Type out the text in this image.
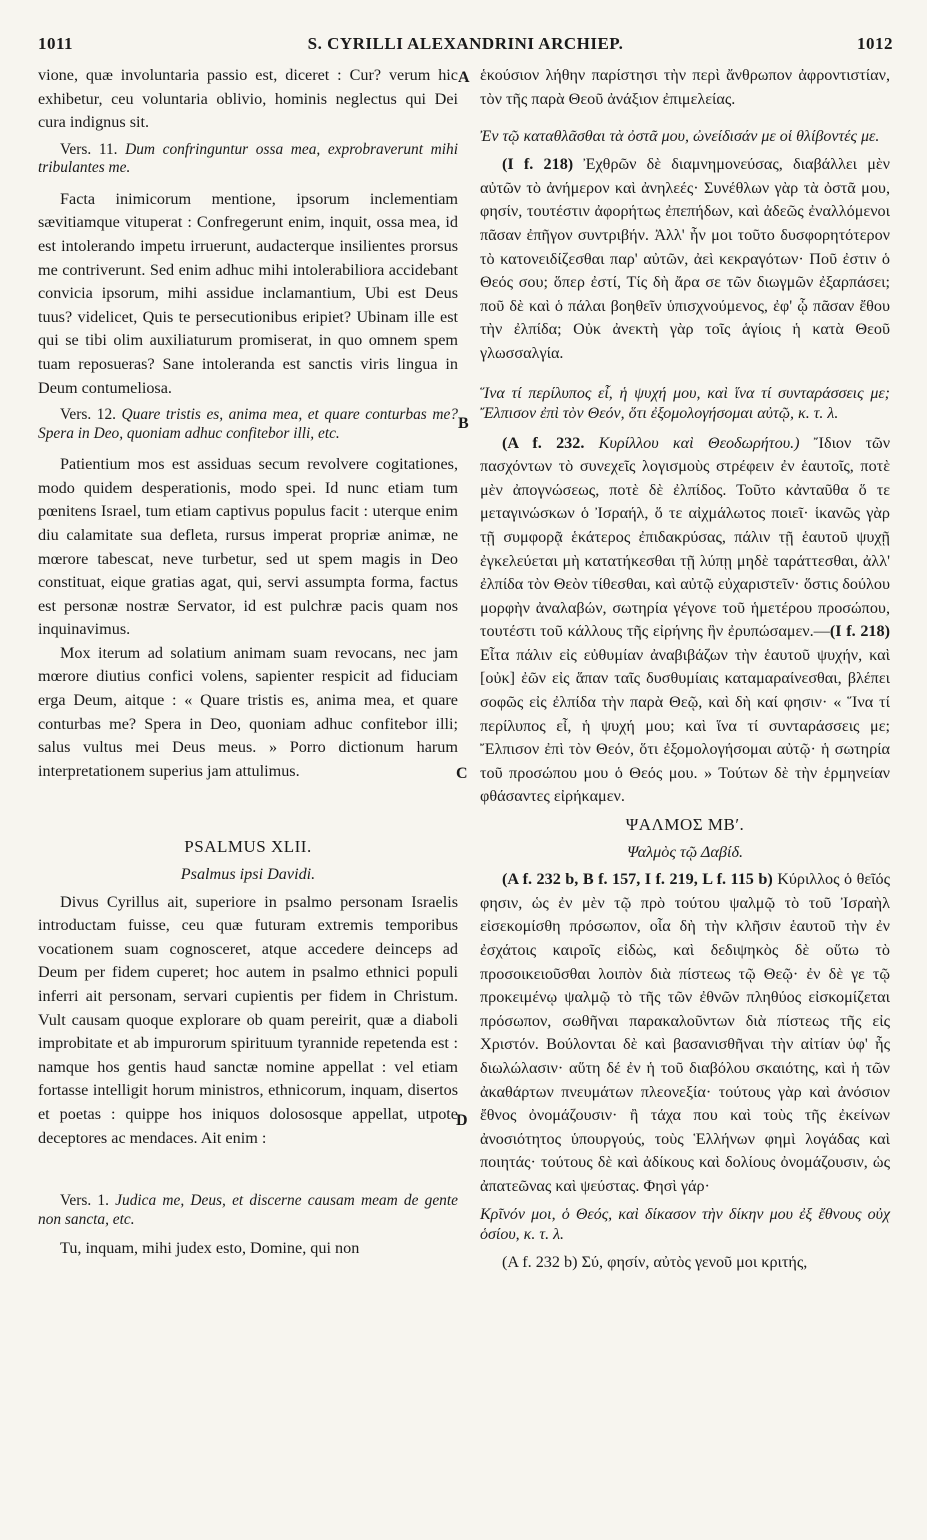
1011	S. CYRILLI ALEXANDRINI ARCHIEP.	1012
A
B
C
D

vione, quæ involuntaria passio est, diceret : Cur? verum hic exhibetur, ceu voluntaria oblivio, hominis neglectus qui Dei cura indignus sit.

Vers. 11. Dum confringuntur ossa mea, exprobraverunt mihi tribulantes me.

Facta inimicorum mentione, ipsorum inclementiam sævitiamque vituperat : Confregerunt enim, inquit, ossa mea, id est intolerando impetu irruerunt, audacterque insilientes prorsus me contriverunt. Sed enim adhuc mihi intolerabiliora accidebant convicia ipsorum, mihi assidue inclamantium, Ubi est Deus tuus? videlicet, Quis te persecutionibus eripiet? Ubinam ille est qui se tibi olim auxiliaturum promiserat, in quo omnem spem tuam reposueras? Sane intoleranda est sanctis viris lingua in Deum contumeliosa.

Vers. 12. Quare tristis es, anima mea, et quare conturbas me? Spera in Deo, quoniam adhuc confitebor illi, etc.

Patientium mos est assiduas secum revolvere cogitationes, modo quidem desperationis, modo spei. Id nunc etiam tum pœnitens Israel, tum etiam captivus populus facit : uterque enim diu calamitate sua defleta, rursus imperat propriæ animæ, ne mœrore tabescat, neve turbetur, sed ut spem magis in Deo constituat, eique gratias agat, qui, servi assumpta forma, factus est personæ nostræ Servator, id est pulchræ pacis quam nos inquinavimus.

Mox iterum ad solatium animam suam revocans, nec jam mœrore diutius confici volens, sapienter respicit ad fiduciam erga Deum, aitque : « Quare tristis es, anima mea, et quare conturbas me? Spera in Deo, quoniam adhuc confitebor illi; salus vultus mei Deus meus. » Porro dictionum harum interpretationem superius jam attulimus.

PSALMUS XLII.

Psalmus ipsi Davidi.

Divus Cyrillus ait, superiore in psalmo personam Israelis introductam fuisse, ceu quæ futuram extremis temporibus vocationem suam cognosceret, atque accedere deinceps ad Deum per fidem cuperet; hoc autem in psalmo ethnici populi inferri ait personam, servari cupientis per fidem in Christum. Vult causam quoque explorare ob quam pereirit, quæ a diaboli improbitate et ab impurorum spirituum tyrannide repetenda est : namque hos gentis haud sanctæ nomine appellat : vel etiam fortasse intelligit horum ministros, ethnicorum, inquam, disertos et poetas : quippe hos iniquos dolososque appellat, utpote deceptores ac mendaces. Ait enim :

Vers. 1. Judica me, Deus, et discerne causam meam de gente non sancta, etc.

Tu, inquam, mihi judex esto, Domine, qui non

ἑκούσιον λήθην παρίστησι τὴν περὶ ἄνθρωπον ἀφροντιστίαν, τὸν τῆς παρὰ Θεοῦ ἀνάξιον ἐπιμελείας.

Ἐν τῷ καταθλᾶσθαι τὰ ὀστᾶ μου, ὠνείδισάν με οἱ θλίβοντές με.

(I f. 218) Ἐχθρῶν δὲ διαμνημονεύσας, διαβάλλει μὲν αὐτῶν τὸ ἀνήμερον καὶ ἀνηλεές· Συνέθλων γὰρ τὰ ὀστᾶ μου, φησίν, τουτέστιν ἀφορήτως ἐπεπήδων, καὶ ἀδεῶς ἐναλλόμενοι πᾶσαν ἐπῆγον συντριβήν. Ἀλλ' ἦν μοι τοῦτο δυσφορητότερον τὸ κατονειδίζεσθαι παρ' αὐτῶν, ἀεὶ κεκραγότων· Ποῦ ἐστιν ὁ Θεός σου; ὅπερ ἐστί, Τίς δὴ ἄρα σε τῶν διωγμῶν ἐξαρπάσει; ποῦ δὲ καὶ ὁ πάλαι βοηθεῖν ὑπισχνούμενος, ἐφ' ᾧ πᾶσαν ἔθου τὴν ἐλπίδα; Οὐκ ἀνεκτὴ γὰρ τοῖς ἁγίοις ἡ κατὰ Θεοῦ γλωσσαλγία.

Ἵνα τί περίλυπος εἶ, ἡ ψυχή μου, καὶ ἵνα τί συνταράσσεις με; Ἔλπισον ἐπὶ τὸν Θεόν, ὅτι ἐξομολογήσομαι αὐτῷ, κ. τ. λ.

(A f. 232. Κυρίλλου καὶ Θεοδωρήτου.) Ἴδιον τῶν πασχόντων τὸ συνεχεῖς λογισμοὺς στρέφειν ἐν ἑαυτοῖς, ποτὲ μὲν ἀπογνώσεως, ποτὲ δὲ ἐλπίδος. Τοῦτο κἀνταῦθα ὅ τε μεταγινώσκων ὁ Ἰσραήλ, ὅ τε αἰχμάλωτος ποιεῖ· ἱκανῶς γὰρ τῇ συμφορᾷ ἑκάτερος ἐπιδακρύσας, πάλιν τῇ ἑαυτοῦ ψυχῇ ἐγκελεύεται μὴ κατατήκεσθαι τῇ λύπῃ μηδὲ ταράττεσθαι, ἀλλ' ἐλπίδα τὸν Θεὸν τίθεσθαι, καὶ αὐτῷ εὐχαριστεῖν· ὅστις δούλου μορφὴν ἀναλαβών, σωτηρία γέγονε τοῦ ἡμετέρου προσώπου, τουτέστι τοῦ κάλλους τῆς εἰρήνης ἣν ἐρυπώσαμεν.—(I f. 218) Εἶτα πάλιν εἰς εὐθυμίαν ἀναβιβάζων τὴν ἑαυτοῦ ψυχήν, καὶ [οὐκ] ἐῶν εἰς ἅπαν ταῖς δυσθυμίαις καταμαραίνεσθαι, βλέπει σοφῶς εἰς ἐλπίδα τὴν παρὰ Θεῷ, καὶ δὴ καί φησιν· « Ἵνα τί περίλυπος εἶ, ἡ ψυχή μου; καὶ ἵνα τί συνταράσσεις με; Ἔλπισον ἐπὶ τὸν Θεόν, ὅτι ἐξομολογήσομαι αὐτῷ· ἡ σωτηρία τοῦ προσώπου μου ὁ Θεός μου. » Τούτων δὲ τὴν ἑρμηνείαν φθάσαντες εἰρήκαμεν.

ΨΑΛΜΟΣ ΜΒʹ.

Ψαλμὸς τῷ Δαβίδ.

(A f. 232 b, B f. 157, I f. 219, L f. 115 b) Κύριλλος ὁ θεῖός φησιν, ὡς ἐν μὲν τῷ πρὸ τούτου ψαλμῷ τὸ τοῦ Ἰσραὴλ εἰσεκομίσθη πρόσωπον, οἷα δὴ τὴν κλῆσιν ἑαυτοῦ τὴν ἐν ἐσχάτοις καιροῖς εἰδὼς, καὶ δεδιψηκὸς δὲ οὕτω τὸ προσοικειοῦσθαι λοιπὸν διὰ πίστεως τῷ Θεῷ· ἐν δὲ γε τῷ προκειμένῳ ψαλμῷ τὸ τῆς τῶν ἐθνῶν πληθύος εἰσκομίζεται πρόσωπον, σωθῆναι παρακαλοῦντων διὰ πίστεως τῆς εἰς Χριστόν. Βούλονται δὲ καὶ βασανισθῆναι τὴν αἰτίαν ὑφ' ἧς διωλώλασιν· αὕτη δέ ἐν ἡ τοῦ διαβόλου σκαιότης, καὶ ἡ τῶν ἀκαθάρτων πνευμάτων πλεονεξία· τούτους γὰρ καὶ ἀνόσιον ἔθνος ὀνομάζουσιν· ἢ τάχα που καὶ τοὺς τῆς ἐκείνων ἀνοσιότητος ὑπουργούς, τοὺς Ἑλλήνων φημὶ λογάδας καὶ ποιητάς· τούτους δὲ καὶ ἀδίκους καὶ δολίους ὀνομάζουσιν, ὡς ἀπατεῶνας καὶ ψεύστας. Φησὶ γάρ·

Κρῖνόν μοι, ὁ Θεός, καὶ δίκασον τὴν δίκην μου ἐξ ἔθνους οὐχ ὁσίου, κ. τ. λ.

(A f. 232 b) Σύ, φησίν, αὐτὸς γενοῦ μοι κριτής,
